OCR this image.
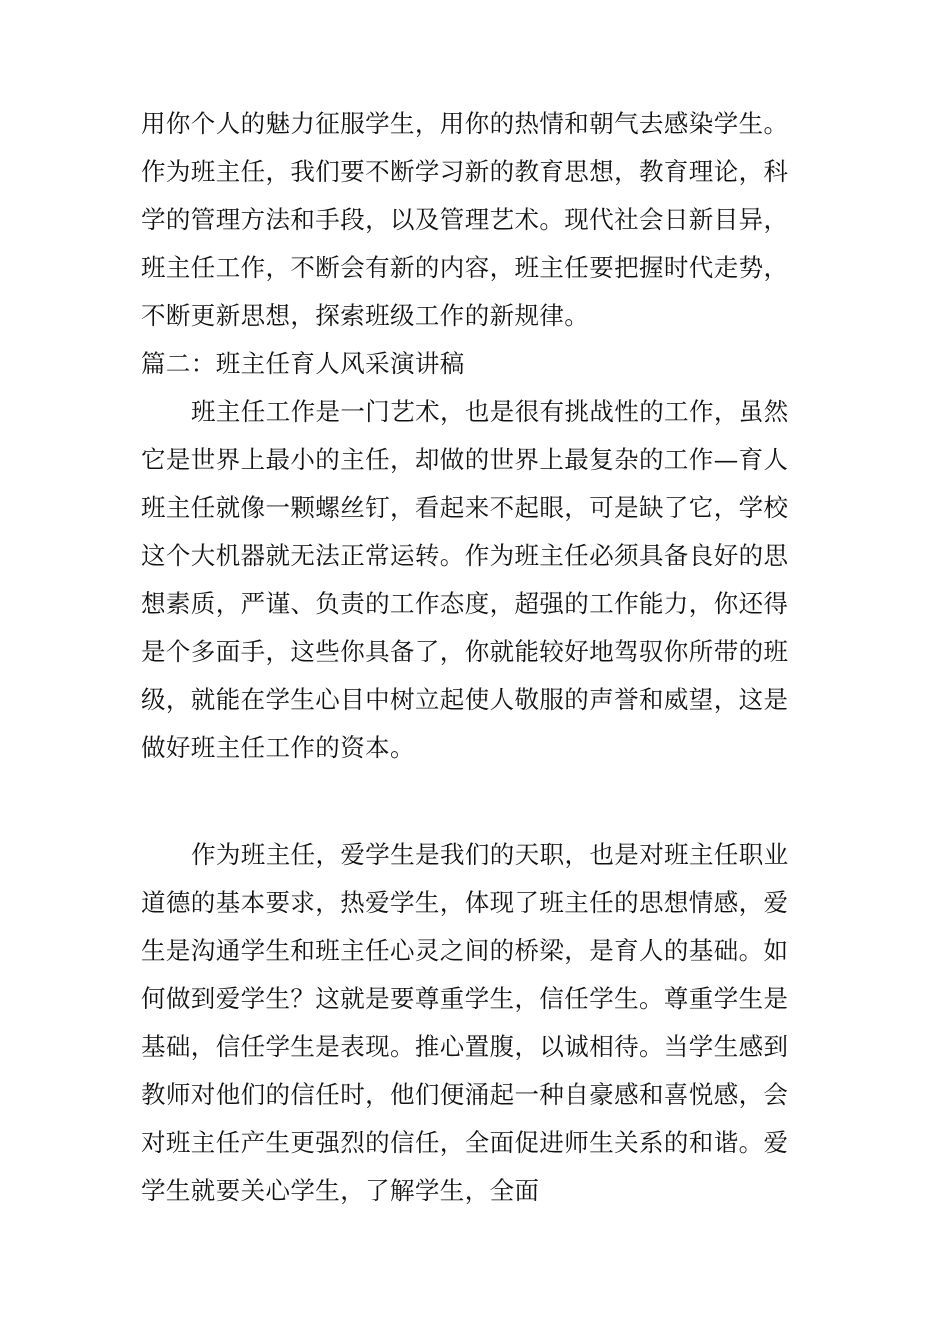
用你个人的魅力征服学生，用你的热情和朝气去感染学生。
作为班主任，我们要不断学习新的教育思想，教育理论，科
学的管理方法和手段，以及管理艺术。现代社会日新目异，
班主任工作，不断会有新的内容，班主任要把握时代走势，
不断更新思想，探索班级工作的新规律。
篇二：班主任育人风采演讲稿
班主任工作是一门艺术，也是很有挑战性的工作，虽然
它是世界上最小的主任，却做的世界上最复杂的工作—育人
班主任就像一颗螺丝钉，看起来不起眼，可是缺了它，学校
这个大机器就无法正常运转。作为班主任必须具备良好的思
想素质，严谨、负责的工作态度，超强的工作能力，你还得
是个多面手，这些你具备了，你就能较好地驾驭你所带的班
级，就能在学生心目中树立起使人敬服的声誉和威望，这是
做好班主任工作的资本。
作为班主任，爱学生是我们的天职，也是对班主任职业
道德的基本要求，热爱学生，体现了班主任的思想情感，爱
生是沟通学生和班主任心灵之间的桥梁，是育人的基础。如
何做到爱学生？这就是要尊重学生，信任学生。尊重学生是
基础，信任学生是表现。推心置腹，以诚相待。当学生感到
教师对他们的信任时，他们便涌起一种自豪感和喜悦感，会
对班主任产生更强烈的信任，全面促进师生关系的和谐。爱
学生就要关心学生，了解学生，全面
